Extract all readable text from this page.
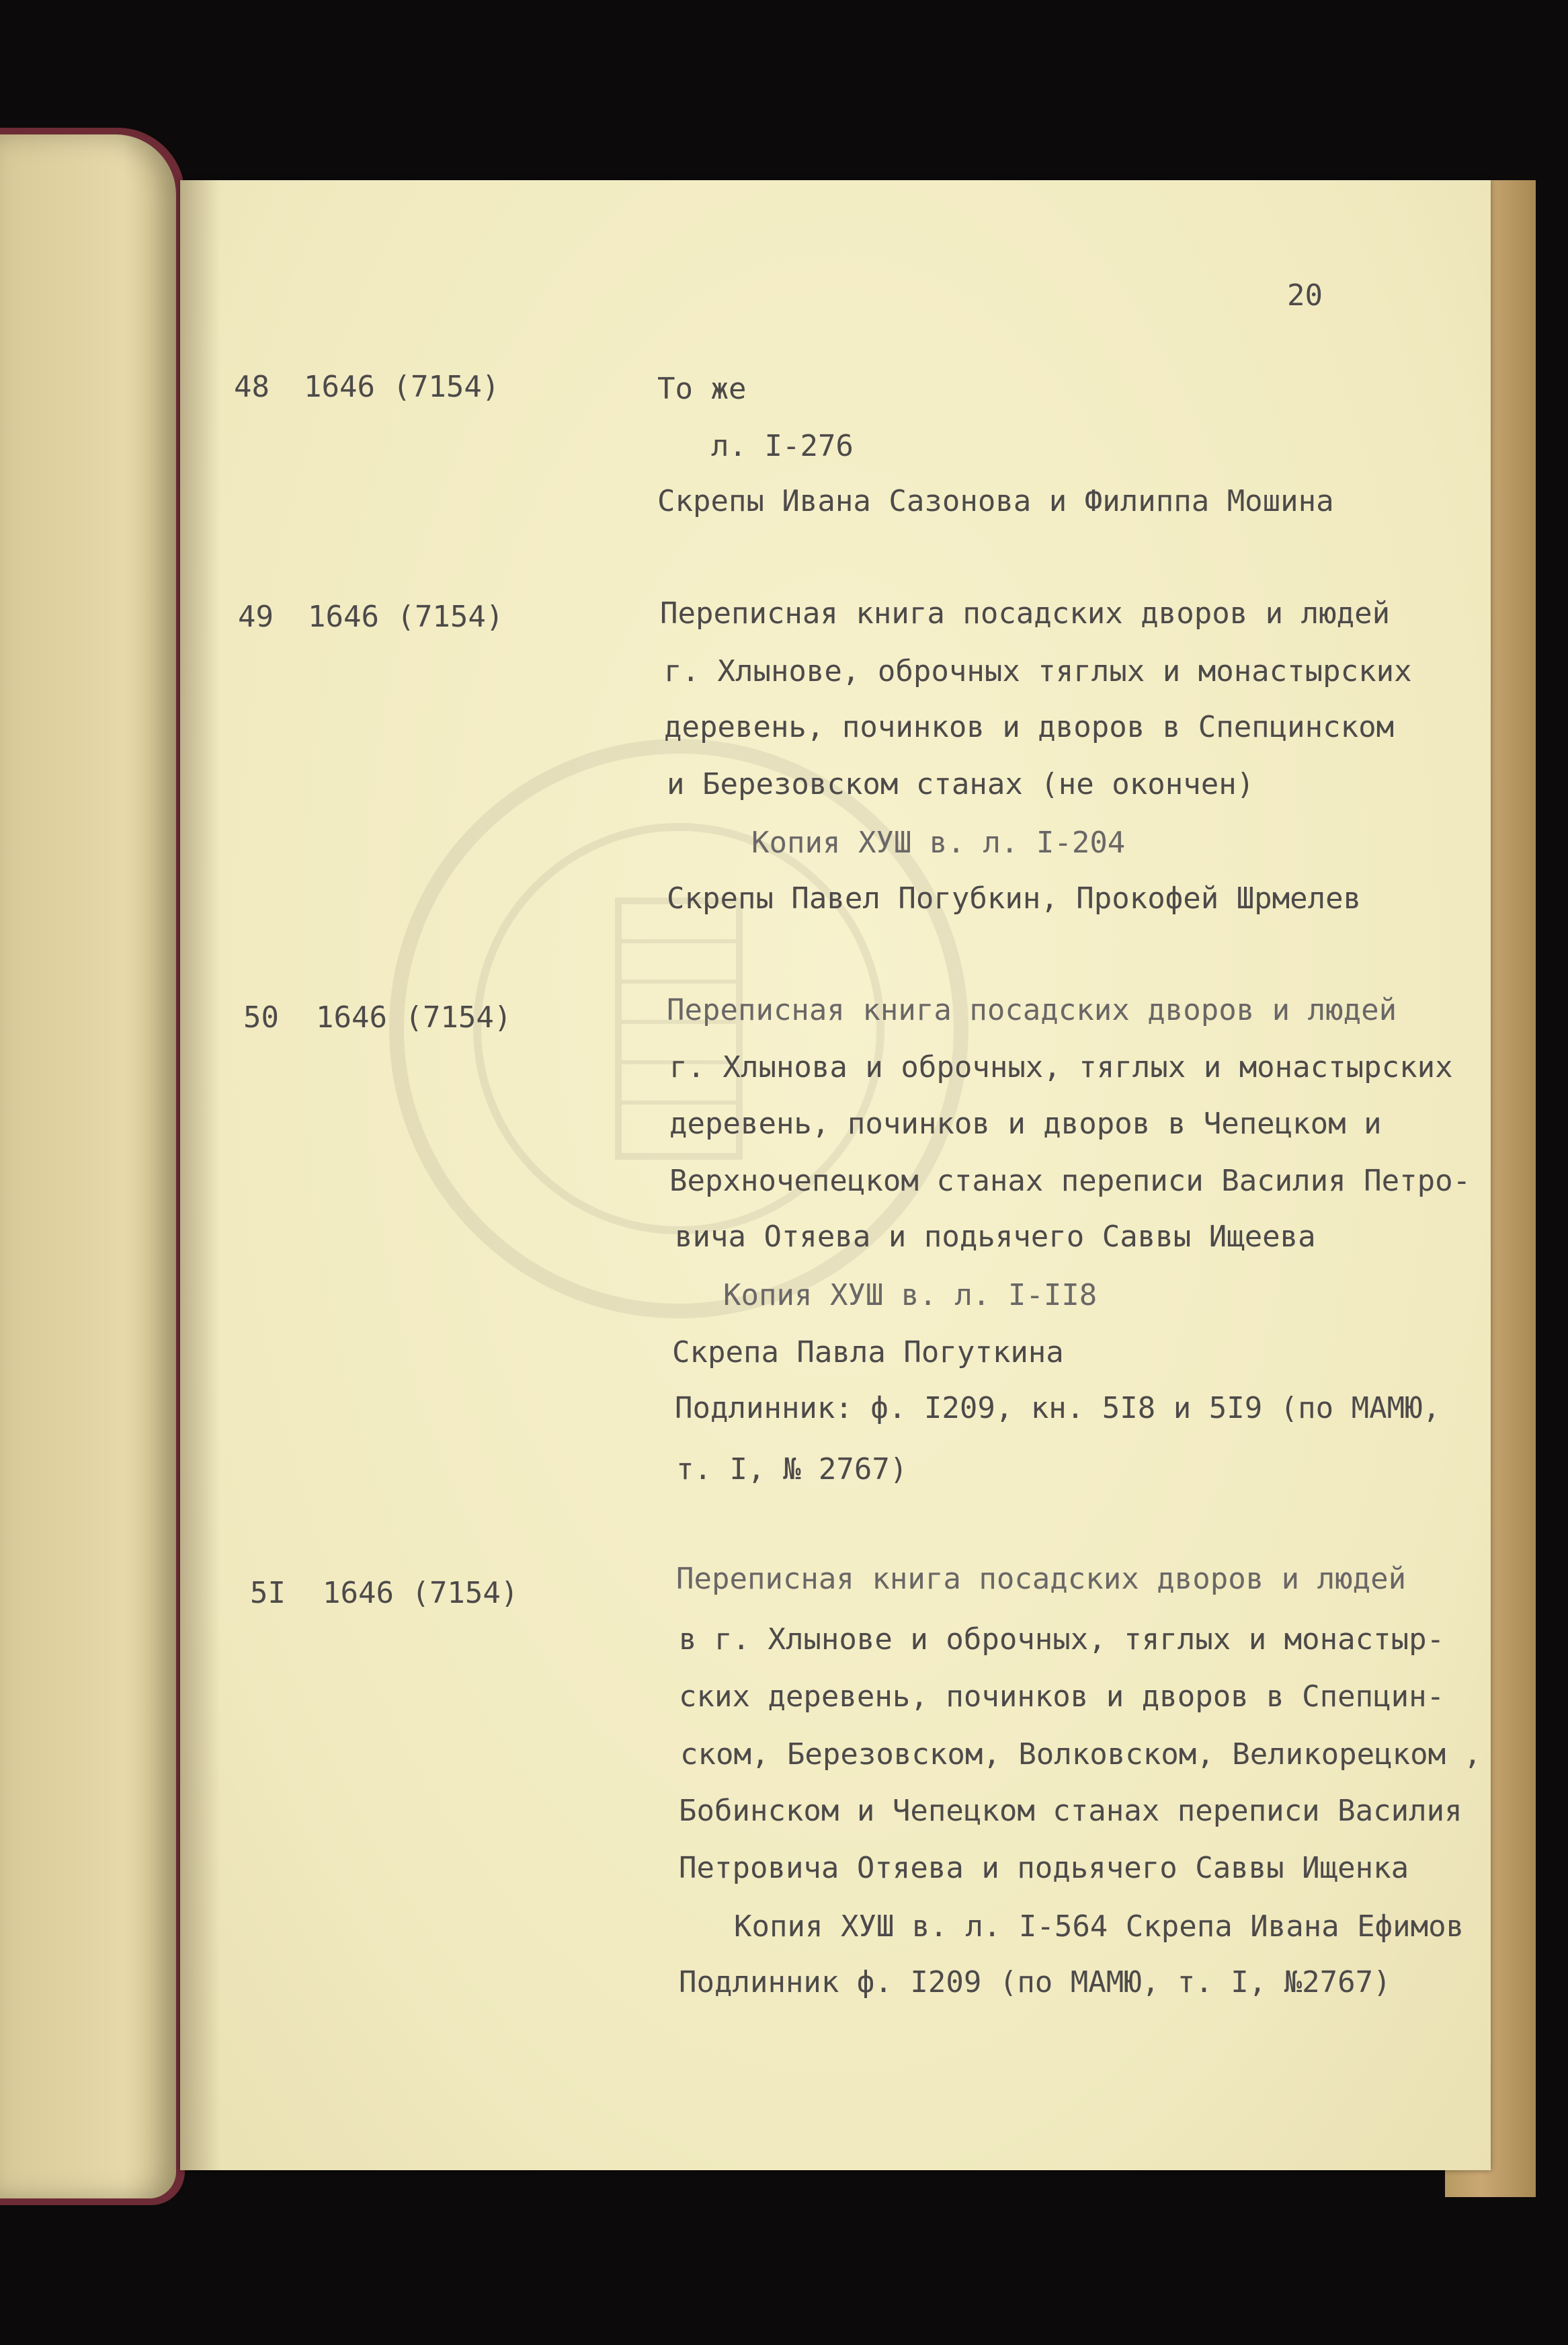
20
48 1646 (7154)	То же
л. I-276
Скрепы Ивана Сазонова и Филиппа Мошина
49 1646 (7154)	Переписная книга посадских дворов и людей
г. Хлынове, оброчных тяглых и монастырских
деревень, починков и дворов в Спепцинском
и Березовском станах (не окончен)
Копия ХУШ в. л. I-204
Скрепы Павел Погубкин, Прокофей Шрмелев
50 1646 (7154)	Переписная книга посадских дворов и людей
г. Хлынова и оброчных, тяглых и монастырских
деревень, починков и дворов в Чепецком и
Верхночепецком станах переписи Василия Петро-
вича Отяева и подьячего Саввы Ищеева
Копия ХУШ в. л. I-II8
Скрепа Павла Погуткина
Подлинник: ф. I209, кн. 5I8 и 5I9 (по МАМЮ,
т. I, № 2767)
5I 1646 (7154)	Переписная книга посадских дворов и людей
в г. Хлынове и оброчных, тяглых и монастыр-
ских деревень, починков и дворов в Спепцин-
ском, Березовском, Волковском, Великорецком ,
Бобинском и Чепецком станах переписи Василия
Петровича Отяева и подьячего Саввы Ищенка
Копия ХУШ в. л. I-564 Скрепа Ивана Ефимов
Подлинник ф. I209 (по МАМЮ, т. I, №2767)
